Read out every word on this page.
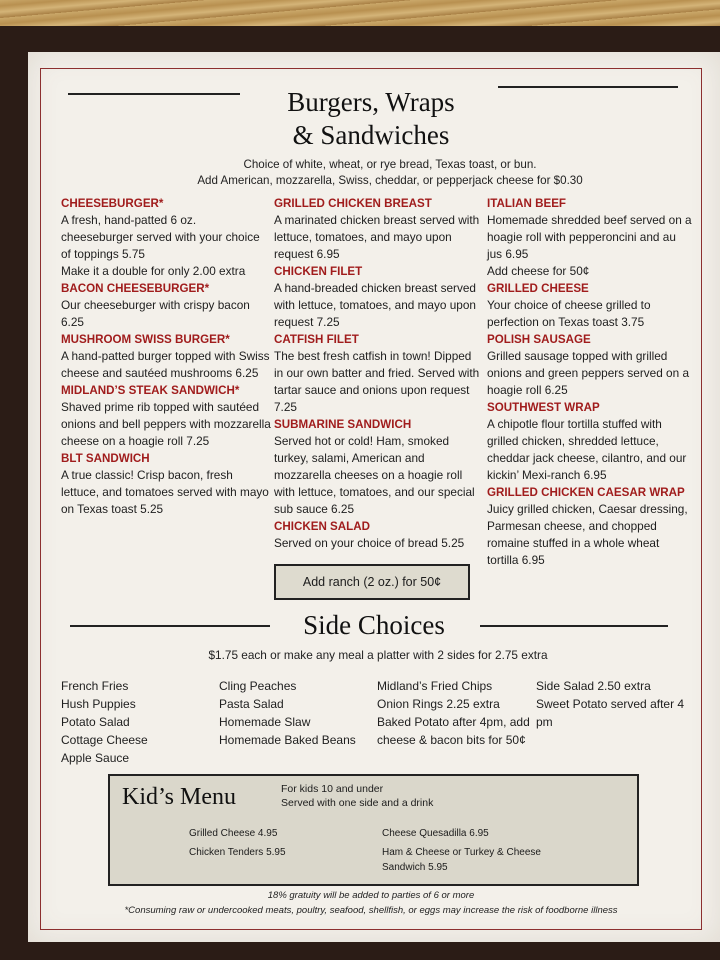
Burgers, Wraps
& Sandwiches
Choice of white, wheat, or rye bread, Texas toast, or bun.
Add American, mozzarella, Swiss, cheddar, or pepperjack cheese for $0.30
CHEESEBURGER*
A fresh, hand-patted 6 oz. cheeseburger served with your choice of toppings 5.75
Make it a double for only 2.00 extra
BACON CHEESEBURGER*
Our cheeseburger with crispy bacon 6.25
MUSHROOM SWISS BURGER*
A hand-patted burger topped with Swiss cheese and sautéed mushrooms 6.25
MIDLAND’S STEAK SANDWICH*
Shaved prime rib topped with sautéed onions and bell peppers with mozzarella cheese on a hoagie roll 7.25
BLT SANDWICH
A true classic! Crisp bacon, fresh lettuce, and tomatoes served with mayo on Texas toast 5.25
GRILLED CHICKEN BREAST
A marinated chicken breast served with lettuce, tomatoes, and mayo upon request 6.95
CHICKEN FILET
A hand-breaded chicken breast served with lettuce, tomatoes, and mayo upon request 7.25
CATFISH FILET
The best fresh catfish in town! Dipped in our own batter and fried. Served with tartar sauce and onions upon request 7.25
SUBMARINE SANDWICH
Served hot or cold! Ham, smoked turkey, salami, American and mozzarella cheeses on a hoagie roll with lettuce, tomatoes, and our special sub sauce 6.25
CHICKEN SALAD
Served on your choice of bread 5.25
ITALIAN BEEF
Homemade shredded beef served on a hoagie roll with pepperoncini and au jus 6.95
Add cheese for 50¢
GRILLED CHEESE
Your choice of cheese grilled to perfection on Texas toast 3.75
POLISH SAUSAGE
Grilled sausage topped with grilled onions and green peppers served on a hoagie roll 6.25
SOUTHWEST WRAP
A chipotle flour tortilla stuffed with grilled chicken, shredded lettuce, cheddar jack cheese, cilantro, and our kickin’ Mexi-ranch 6.95
GRILLED CHICKEN CAESAR WRAP
Juicy grilled chicken, Caesar dressing, Parmesan cheese, and chopped romaine stuffed in a whole wheat tortilla 6.95
Add ranch (2 oz.) for 50¢
Side Choices
$1.75 each or make any meal a platter with 2 sides for 2.75 extra
French Fries
Hush Puppies
Potato Salad
Cottage Cheese
Apple Sauce
Cling Peaches
Pasta Salad
Homemade Slaw
Homemade Baked Beans
Midland’s Fried Chips
Onion Rings 2.25 extra
Baked Potato after 4pm, add cheese & bacon bits for 50¢
Side Salad 2.50 extra
Sweet Potato served after 4 pm
Kid’s Menu	For kids 10 and under
Served with one side and a drink
Grilled Cheese 4.95
Chicken Tenders 5.95
Cheese Quesadilla 6.95
Ham & Cheese or Turkey & Cheese Sandwich 5.95
18% gratuity will be added to parties of 6 or more
*Consuming raw or undercooked meats, poultry, seafood, shellfish, or eggs may increase the risk of foodborne illness
